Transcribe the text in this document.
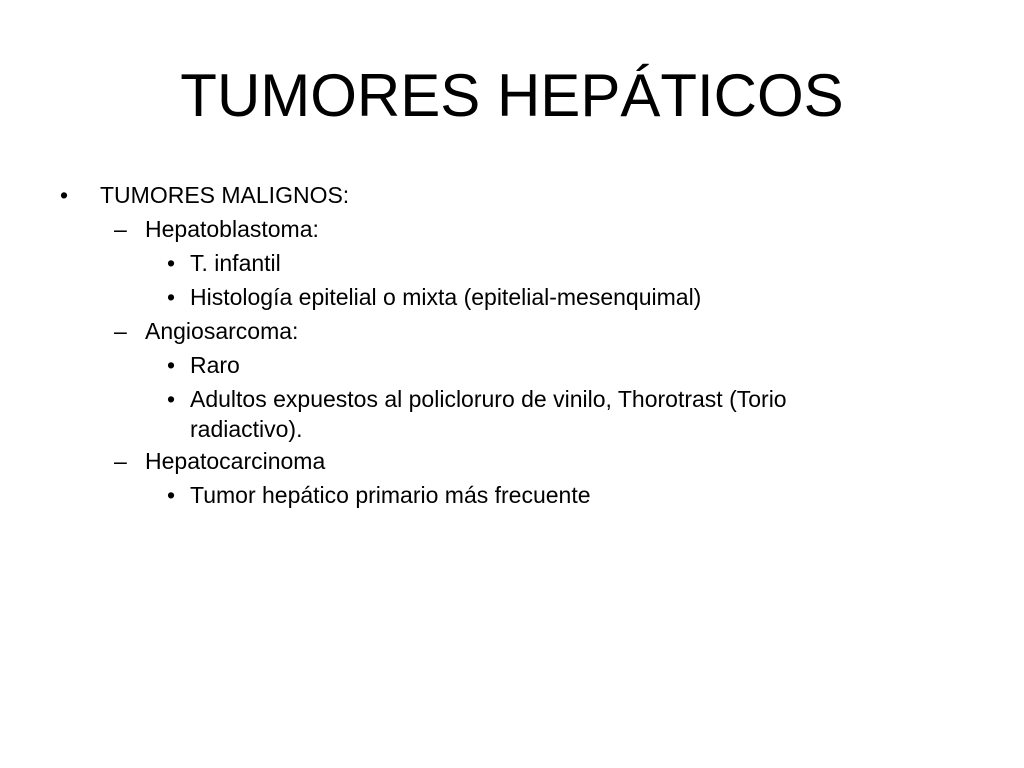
TUMORES HEPÁTICOS
• TUMORES MALIGNOS:
– Hepatoblastoma:
• T. infantil
• Histología epitelial o mixta (epitelial-mesenquimal)
– Angiosarcoma:
• Raro
• Adultos expuestos al policloruro de vinilo, Thorotrast (Torio radiactivo).
– Hepatocarcinoma
• Tumor hepático primario más frecuente
